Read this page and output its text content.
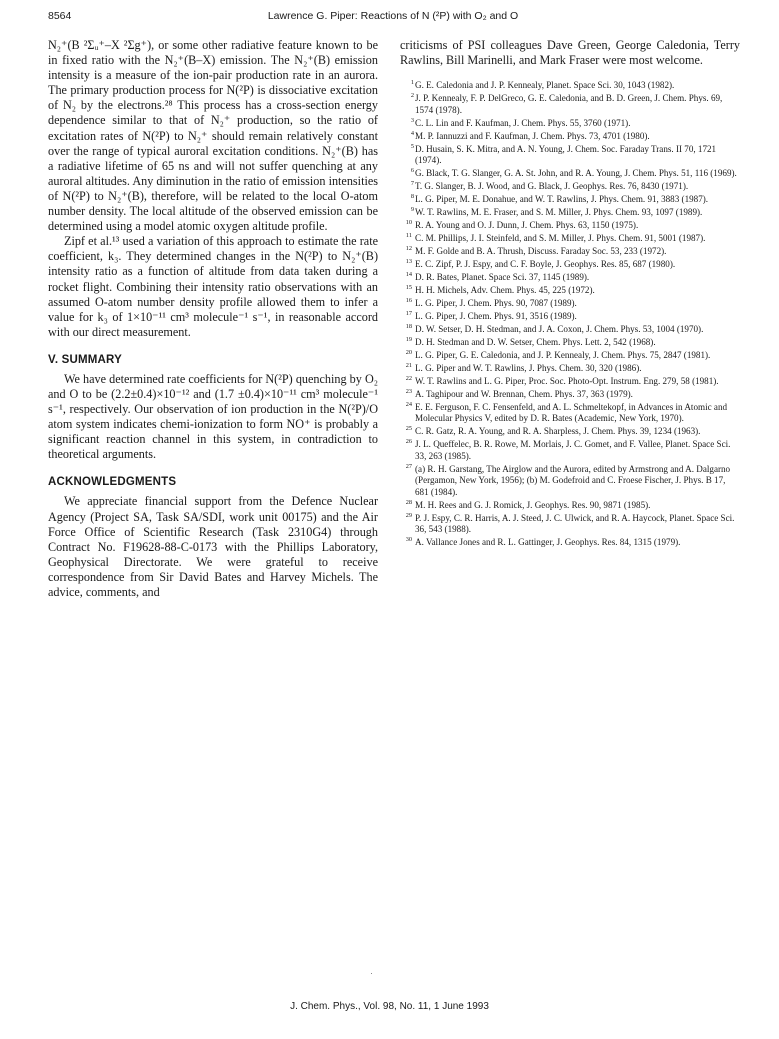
8564	Lawrence G. Piper: Reactions of N (²P) with O₂ and O

N₂⁺(B ²Σᵤ⁺–X ²Σg⁺), or some other radiative feature known to be in fixed ratio with the N₂⁺(B–X) emission. The N₂⁺(B) emission intensity is a measure of the ion-pair production rate in an aurora. The primary production process for N(²P) is dissociative excitation of N₂ by the electrons.²⁸ This process has a cross-section energy dependence similar to that of N₂⁺ production, so the ratio of excitation rates of N(²P) to N₂⁺ should remain relatively constant over the range of typical auroral excitation conditions. N₂⁺(B) has a radiative lifetime of 65 ns and will not suffer quenching at any auroral altitudes. Any diminution in the ratio of emission intensities of N(²P) to N₂⁺(B), therefore, will be related to the local O-atom number density. The local altitude of the observed emission can be determined using a model atomic oxygen altitude profile.

Zipf et al.¹³ used a variation of this approach to estimate the rate coefficient, k₃. They determined changes in the N(²P) to N₂⁺(B) intensity ratio as a function of altitude from data taken during a rocket flight. Combining their intensity ratio observations with an assumed O-atom number density profile allowed them to infer a value for k₃ of 1×10⁻¹¹ cm³ molecule⁻¹ s⁻¹, in reasonable accord with our direct measurement.

V. SUMMARY

We have determined rate coefficients for N(²P) quenching by O₂ and O to be (2.2±0.4)×10⁻¹² and (1.7 ±0.4)×10⁻¹¹ cm³ molecule⁻¹ s⁻¹, respectively. Our observation of ion production in the N(²P)/O atom system indicates chemi-ionization to form NO⁺ is probably a significant reaction channel in this system, in contradiction to theoretical arguments.

ACKNOWLEDGMENTS

We appreciate financial support from the Defence Nuclear Agency (Project SA, Task SA/SDI, work unit 00175) and the Air Force Office of Scientific Research (Task 2310G4) through Contract No. F19628-88-C-0173 with the Phillips Laboratory, Geophysical Directorate. We were grateful to receive correspondence from Sir David Bates and Harvey Michels. The advice, comments, and

criticisms of PSI colleagues Dave Green, George Caledonia, Terry Rawlins, Bill Marinelli, and Mark Fraser were most welcome.

1 G. E. Caledonia and J. P. Kennealy, Planet. Space Sci. 30, 1043 (1982).
2 J. P. Kennealy, F. P. DelGreco, G. E. Caledonia, and B. D. Green, J. Chem. Phys. 69, 1574 (1978).
3 C. L. Lin and F. Kaufman, J. Chem. Phys. 55, 3760 (1971).
4 M. P. Iannuzzi and F. Kaufman, J. Chem. Phys. 73, 4701 (1980).
5 D. Husain, S. K. Mitra, and A. N. Young, J. Chem. Soc. Faraday Trans. II 70, 1721 (1974).
6 G. Black, T. G. Slanger, G. A. St. John, and R. A. Young, J. Chem. Phys. 51, 116 (1969).
7 T. G. Slanger, B. J. Wood, and G. Black, J. Geophys. Res. 76, 8430 (1971).
8 L. G. Piper, M. E. Donahue, and W. T. Rawlins, J. Phys. Chem. 91, 3883 (1987).
9 W. T. Rawlins, M. E. Fraser, and S. M. Miller, J. Phys. Chem. 93, 1097 (1989).
10 R. A. Young and O. J. Dunn, J. Chem. Phys. 63, 1150 (1975).
11 C. M. Phillips, J. I. Steinfeld, and S. M. Miller, J. Phys. Chem. 91, 5001 (1987).
12 M. F. Golde and B. A. Thrush, Discuss. Faraday Soc. 53, 233 (1972).
13 E. C. Zipf, P. J. Espy, and C. F. Boyle, J. Geophys. Res. 85, 687 (1980).
14 D. R. Bates, Planet. Space Sci. 37, 1145 (1989).
15 H. H. Michels, Adv. Chem. Phys. 45, 225 (1972).
16 L. G. Piper, J. Chem. Phys. 90, 7087 (1989).
17 L. G. Piper, J. Chem. Phys. 91, 3516 (1989).
18 D. W. Setser, D. H. Stedman, and J. A. Coxon, J. Chem. Phys. 53, 1004 (1970).
19 D. H. Stedman and D. W. Setser, Chem. Phys. Lett. 2, 542 (1968).
20 L. G. Piper, G. E. Caledonia, and J. P. Kennealy, J. Chem. Phys. 75, 2847 (1981).
21 L. G. Piper and W. T. Rawlins, J. Phys. Chem. 30, 320 (1986).
22 W. T. Rawlins and L. G. Piper, Proc. Soc. Photo-Opt. Instrum. Eng. 279, 58 (1981).
23 A. Taghipour and W. Brennan, Chem. Phys. 37, 363 (1979).
24 E. E. Ferguson, F. C. Fensenfeld, and A. L. Schmeltekopf, in Advances in Atomic and Molecular Physics V, edited by D. R. Bates (Academic, New York, 1970).
25 C. R. Gatz, R. A. Young, and R. A. Sharpless, J. Chem. Phys. 39, 1234 (1963).
26 J. L. Queffelec, B. R. Rowe, M. Morlais, J. C. Gomet, and F. Vallee, Planet. Space Sci. 33, 263 (1985).
27 (a) R. H. Garstang, The Airglow and the Aurora, edited by Armstrong and A. Dalgarno (Pergamon, New York, 1956); (b) M. Godefroid and C. Froese Fischer, J. Phys. B 17, 681 (1984).
28 M. H. Rees and G. J. Romick, J. Geophys. Res. 90, 9871 (1985).
29 P. J. Espy, C. R. Harris, A. J. Steed, J. C. Ulwick, and R. A. Haycock, Planet. Space Sci. 36, 543 (1988).
30 A. Vallance Jones and R. L. Gattinger, J. Geophys. Res. 84, 1315 (1979).
J. Chem. Phys., Vol. 98, No. 11, 1 June 1993
